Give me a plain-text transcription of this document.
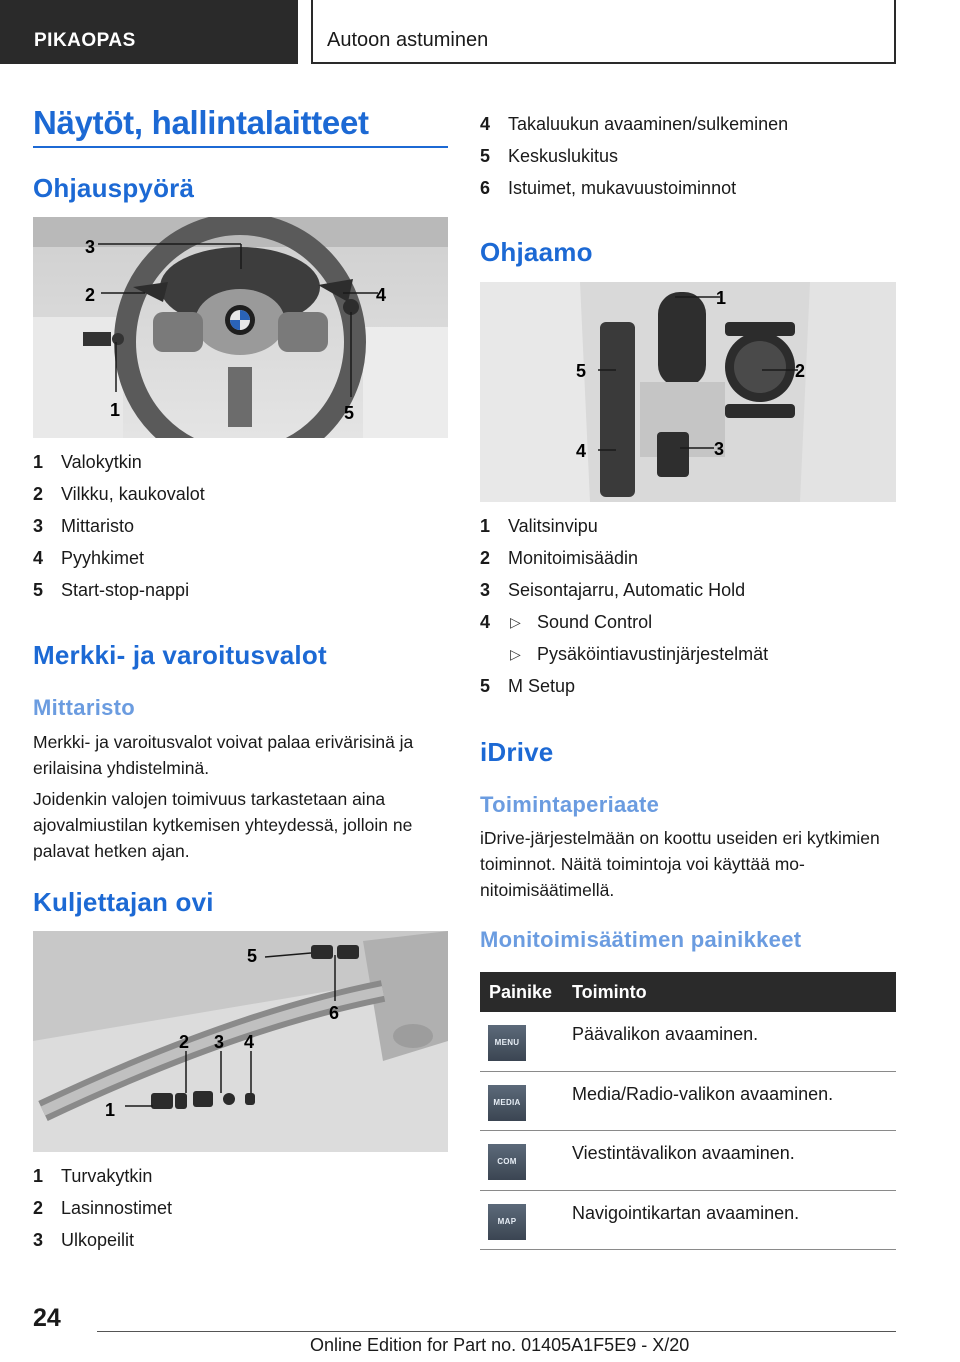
PIKAOPAS	Autoon astuminen
Näytöt, hallintalaitteet
Ohjauspyörä
3
2	4
1	5
1 Valokytkin
2 Vilkku, kaukovalot
3 Mittaristo
4 Pyyhkimet
5 Start-stop-nappi
Merkki- ja varoitusvalot
Mittaristo
Merkki- ja varoitusvalot voivat palaa erivärisinä ja erilaisina yhdistelminä.
Joidenkin valojen toimivuus tarkastetaan aina ajovalmiustilan kytkemisen yhteydessä, jolloin ne palavat hetken ajan.
Kuljettajan ovi
1
2 3 4
5
6
1 Turvakytkin
2 Lasinnostimet
3 Ulkopeilit
4 Takaluukun avaaminen/sulkeminen
5 Keskuslukitus
6 Istuimet, mukavuustoiminnot
Ohjaamo
1
2
3
4
5
1 Valitsinvipu
2 Monitoimisäädin
3 Seisontajarru, Automatic Hold
4	▷ Sound Control
▷ Pysäköintiavustinjärjestelmät
5 M Setup
iDrive
Toimintaperiaate
iDrive-järjestelmään on koottu useiden eri kytkimien toiminnot. Näitä toimintoja voi käyttää monitoimisäätimellä.
Monitoimisäätimen painikkeet
Painike Toiminto
MENU	Päävalikon avaaminen.
MEDIA	Media/Radio-valikon avaaminen.
COM	Viestintävalikon avaaminen.
MAP	Navigointikartan avaaminen.
24
Online Edition for Part no. 01405A1F5E9 - X/20
